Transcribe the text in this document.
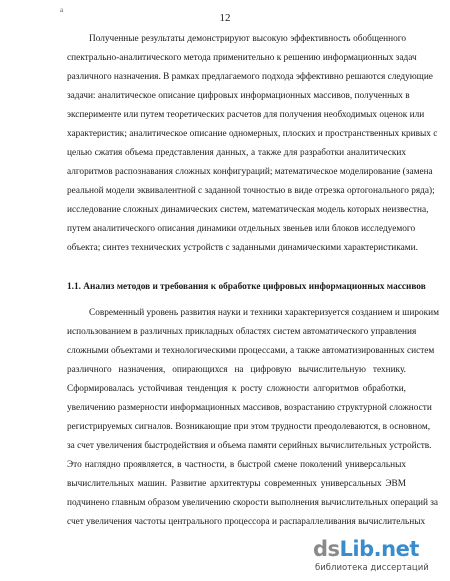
a
12
Полученные результаты демонстрируют высокую эффективность обобщенного
спектрально-аналитического метода применительно к решению информационных задач
различного назначения. В рамках предлагаемого подхода эффективно решаются следующие
задачи: аналитическое описание цифровых информационных массивов, полученных в
эксперименте или путем теоретических расчетов для получения необходимых оценок или
характеристик; аналитическое описание одномерных, плоских и пространственных кривых с
целью сжатия объема представления данных, а также для разработки аналитических
алгоритмов распознавания сложных конфигураций; математическое моделирование (замена
реальной модели эквивалентной с заданной точностью в виде отрезка ортогонального ряда);
исследование сложных динамических систем, математическая модель которых неизвестна,
путем аналитического описания динамики отдельных звеньев или блоков исследуемого
объекта; синтез технических устройств с заданными динамическими характеристиками.
1.1. Анализ методов и требования к обработке цифровых информационных массивов
Современный уровень развития науки и техники характеризуется созданием и широким
использованием в различных прикладных областях систем автоматического управления
сложными объектами и технологическими процессами, а также автоматизированных систем
различного назначения, опирающихся на цифровую вычислительную технику.
Сформировалась устойчивая тенденция к росту сложности алгоритмов обработки,
увеличению размерности информационных массивов, возрастанию структурной сложности
регистрируемых сигналов. Возникающие при этом трудности преодолеваются, в основном,
за счет увеличения быстродействия и объема памяти серийных вычислительных устройств.
Это наглядно проявляется, в частности, в быстрой смене поколений универсальных
вычислительных машин. Развитие архитектуры современных универсальных ЭВМ
подчинено главным образом увеличению скорости выполнения вычислительных операций за
счет увеличения частоты центрального процессора и распараллеливания вычислительных
dsLib.net
библиотека диссертаций
